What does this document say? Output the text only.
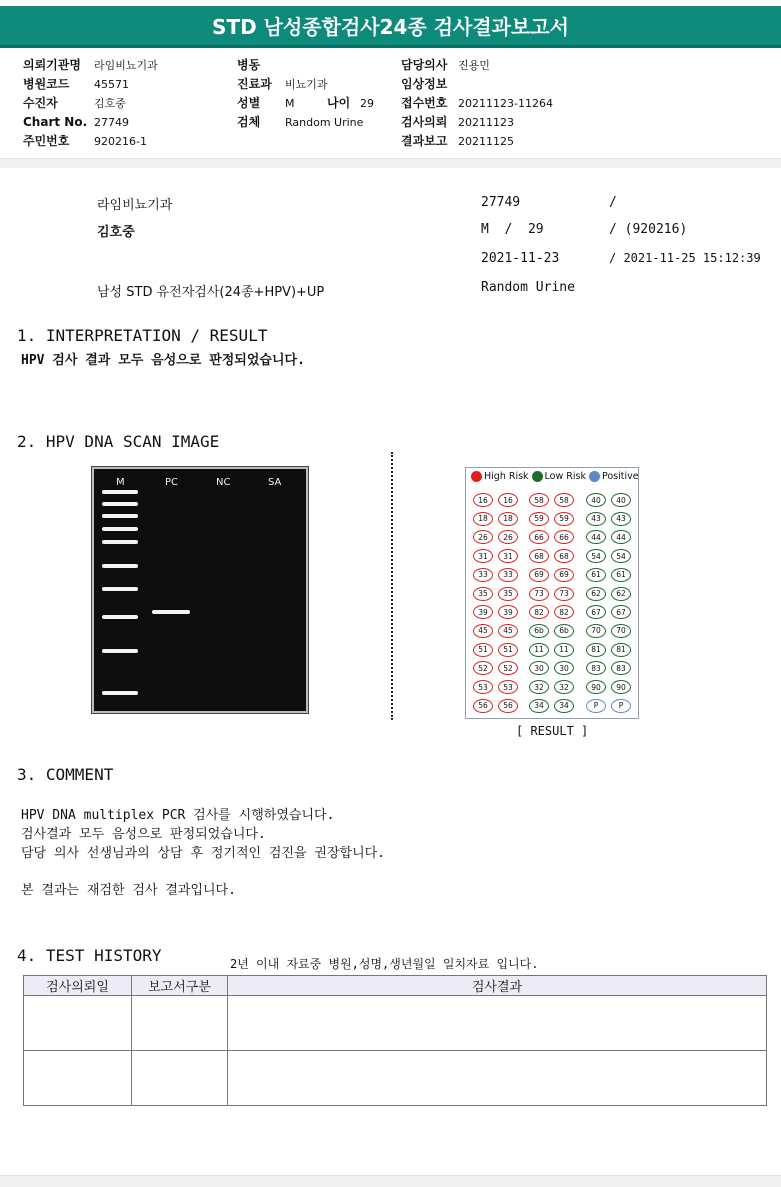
STD 남성종합검사24종 검사결과보고서
의뢰기관명	라임비뇨기과
병원코드	45571
수진자	김호중
Chart No. 27749
주민번호	920216-1
병동
진료과	비뇨기과
성별	M	나이 29
검체	Random Urine
담당의사 진용민
임상정보
접수번호 20211123-11264
검사의뢰 20211123
결과보고 20211125
라임비뇨기과
김호중
남성 STD 유전자검사(24종+HPV)+UP
27749	/
M  /  29	/ (920216)
2021-11-23	/ 2021-11-25 15:12:39
Random Urine
1. INTERPRETATION / RESULT
HPV 검사 결과 모두 음성으로 판정되었습니다.
2. HPV DNA SCAN IMAGE
M	PC	NC	SA
High Risk Low Risk Positive
16	16
18	18
26	26
31	31
33	33
35	35
39	39
45	45
51	51
52	52
53	53
56	56
58	58
59	59
66	66
68	68
69	69
73	73
82	82
6b	6b
11	11
30	30
32	32
34	34
40	40
43	43
44	44
54	54
61	61
62	62
67	67
70	70
81	81
83	83
90	90
P	P
[ RESULT ]
3. COMMENT
HPV DNA multiplex PCR 검사를 시행하였습니다.
검사결과 모두 음성으로 판정되었습니다.
담당 의사 선생님과의 상담 후 정기적인 검진을 권장합니다.
본 결과는 재검한 검사 결과입니다.
4. TEST HISTORY	2년 이내 자료중 병원,성명,생년월일 일치자료 입니다.
검사의뢰일	보고서구분	검사결과
